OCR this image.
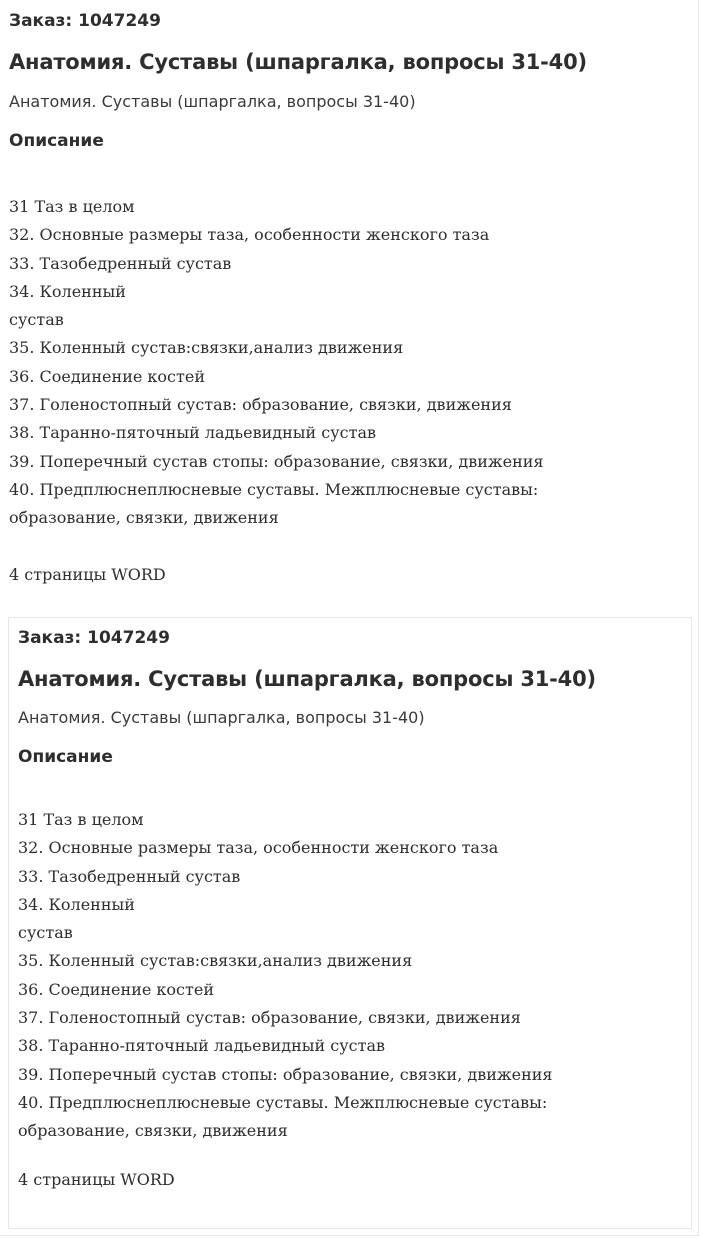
Заказ: 1047249
Анатомия. Суставы (шпаргалка, вопросы 31-40)
Анатомия. Суставы (шпаргалка, вопросы 31-40)
Описание
31 Таз в целом
32. Основные размеры таза, особенности женского таза
33. Тазобедренный сустав
34. Коленный
сустав
35. Коленный сустав:связки,анализ движения
36. Соединение костей
37. Голеностопный сустав: образование, связки, движения
38. Таранно-пяточный ладьевидный сустав
39. Поперечный сустав стопы: образование, связки, движения
40. Предплюснеплюсневые суставы. Межплюсневые суставы:
образование, связки, движения
4 страницы WORD
Заказ: 1047249
Анатомия. Суставы (шпаргалка, вопросы 31-40)
Анатомия. Суставы (шпаргалка, вопросы 31-40)
Описание
31 Таз в целом
32. Основные размеры таза, особенности женского таза
33. Тазобедренный сустав
34. Коленный
сустав
35. Коленный сустав:связки,анализ движения
36. Соединение костей
37. Голеностопный сустав: образование, связки, движения
38. Таранно-пяточный ладьевидный сустав
39. Поперечный сустав стопы: образование, связки, движения
40. Предплюснеплюсневые суставы. Межплюсневые суставы:
образование, связки, движения
4 страницы WORD
